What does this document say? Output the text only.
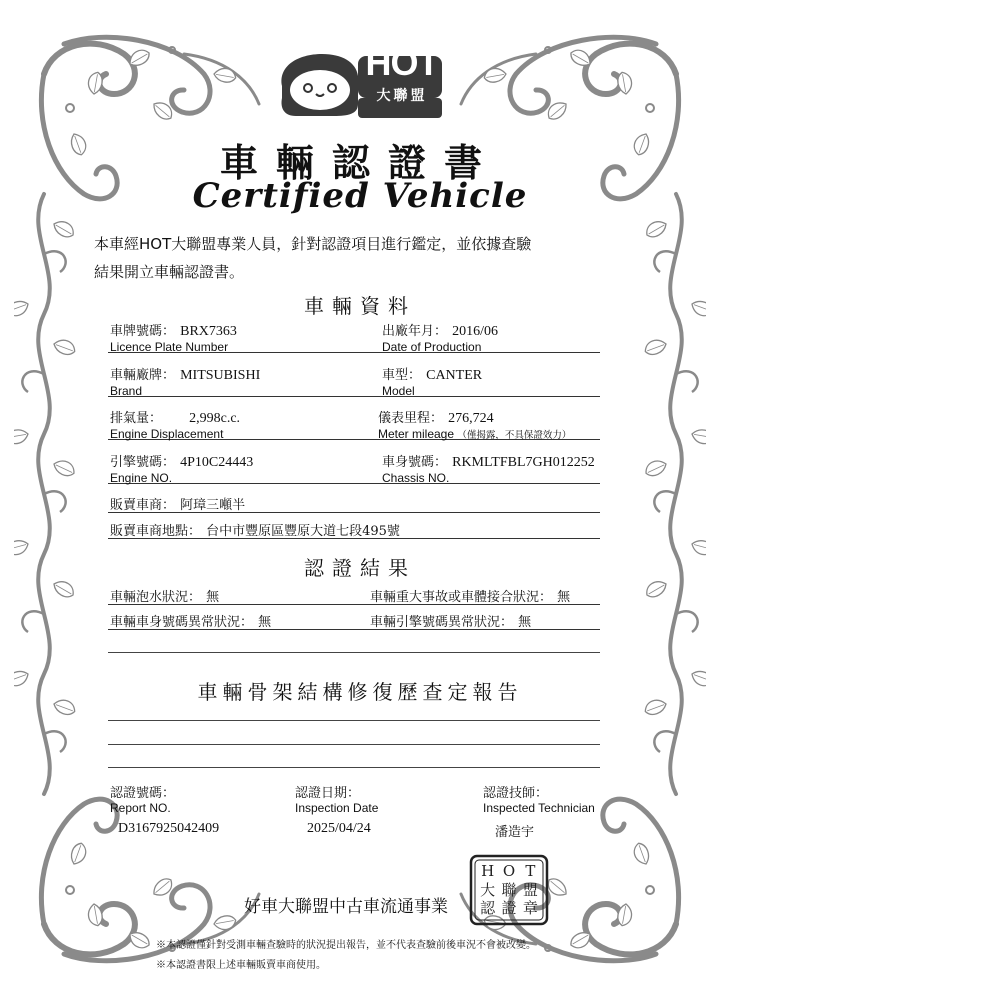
HOT
大聯盟
車輛認證書
Certified Vehicle
本車經HOT大聯盟專業人員，針對認證項目進行鑑定，並依據查驗
結果開立車輛認證書。
車輛資料
車牌號碼： BRX7363
Licence Plate Number
出廠年月： 2016/06
Date of Production
車輛廠牌： MITSUBISHI
Brand
車型： CANTER
Model
排氣量： 2,998c.c.
Engine Displacement
儀表里程： 276,724
Meter mileage （僅揭露，不具保證效力）
引擎號碼： 4P10C24443
Engine NO.
車身號碼： RKMLTFBL7GH012252
Chassis NO.
販賣車商： 阿璋三噸半
販賣車商地點： 台中市豐原區豐原大道七段495號
認證結果
車輛泡水狀況： 無	車輛重大事故或車體接合狀況： 無
車輛車身號碼異常狀況： 無	車輛引擎號碼異常狀況： 無
車輛骨架結構修復歷查定報告
認證號碼：
Report NO.
D3167925042409
認證日期：
Inspection Date
2025/04/24
認證技師：
Inspected Technician
潘造宇
好車大聯盟中古車流通事業
H O T
大 聯 盟
認 證 章
※本認證僅針對受測車輛查驗時的狀況提出報告，並不代表查驗前後車況不會被改變。
※本認證書限上述車輛販賣車商使用。
